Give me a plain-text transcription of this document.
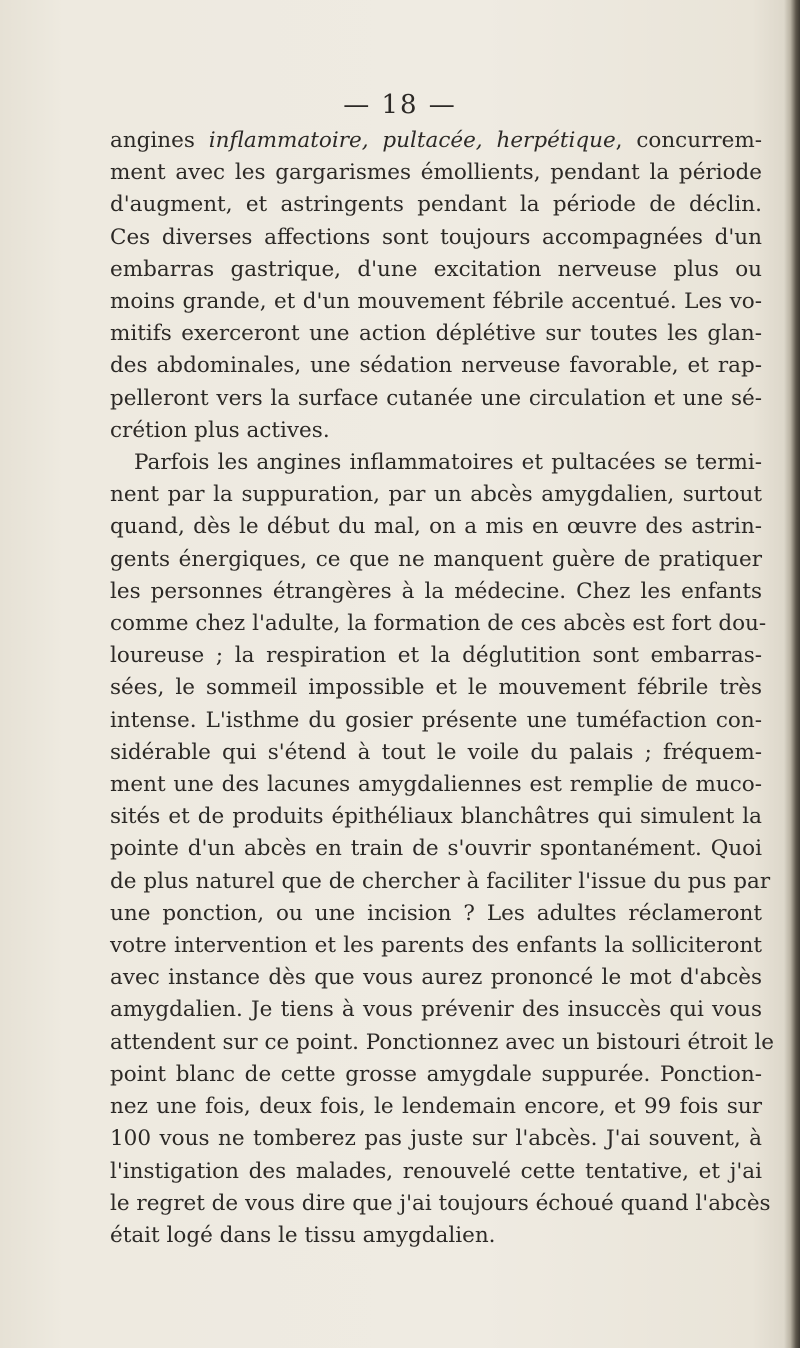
— 18 —
angines inflammatoire, pultacée, herpétique, concurrem-
ment avec les gargarismes émollients, pendant la période
d'augment, et astringents pendant la période de déclin.
Ces diverses affections sont toujours accompagnées d'un
embarras gastrique, d'une excitation nerveuse plus ou
moins grande, et d'un mouvement fébrile accentué. Les vo-
mitifs exerceront une action déplétive sur toutes les glan-
des abdominales, une sédation nerveuse favorable, et rap-
pelleront vers la surface cutanée une circulation et une sé-
crétion plus actives.
Parfois les angines inflammatoires et pultacées se termi-
nent par la suppuration, par un abcès amygdalien, surtout
quand, dès le début du mal, on a mis en œuvre des astrin-
gents énergiques, ce que ne manquent guère de pratiquer
les personnes étrangères à la médecine. Chez les enfants
comme chez l'adulte, la formation de ces abcès est fort dou-
loureuse ; la respiration et la déglutition sont embarras-
sées, le sommeil impossible et le mouvement fébrile très
intense. L'isthme du gosier présente une tuméfaction con-
sidérable qui s'étend à tout le voile du palais ; fréquem-
ment une des lacunes amygdaliennes est remplie de muco-
sités et de produits épithéliaux blanchâtres qui simulent la
pointe d'un abcès en train de s'ouvrir spontanément. Quoi
de plus naturel que de chercher à faciliter l'issue du pus par
une ponction, ou une incision ? Les adultes réclameront
votre intervention et les parents des enfants la solliciteront
avec instance dès que vous aurez prononcé le mot d'abcès
amygdalien. Je tiens à vous prévenir des insuccès qui vous
attendent sur ce point. Ponctionnez avec un bistouri étroit le
point blanc de cette grosse amygdale suppurée. Ponction-
nez une fois, deux fois, le lendemain encore, et 99 fois sur
100 vous ne tomberez pas juste sur l'abcès. J'ai souvent, à
l'instigation des malades, renouvelé cette tentative, et j'ai
le regret de vous dire que j'ai toujours échoué quand l'abcès
était logé dans le tissu amygdalien.
